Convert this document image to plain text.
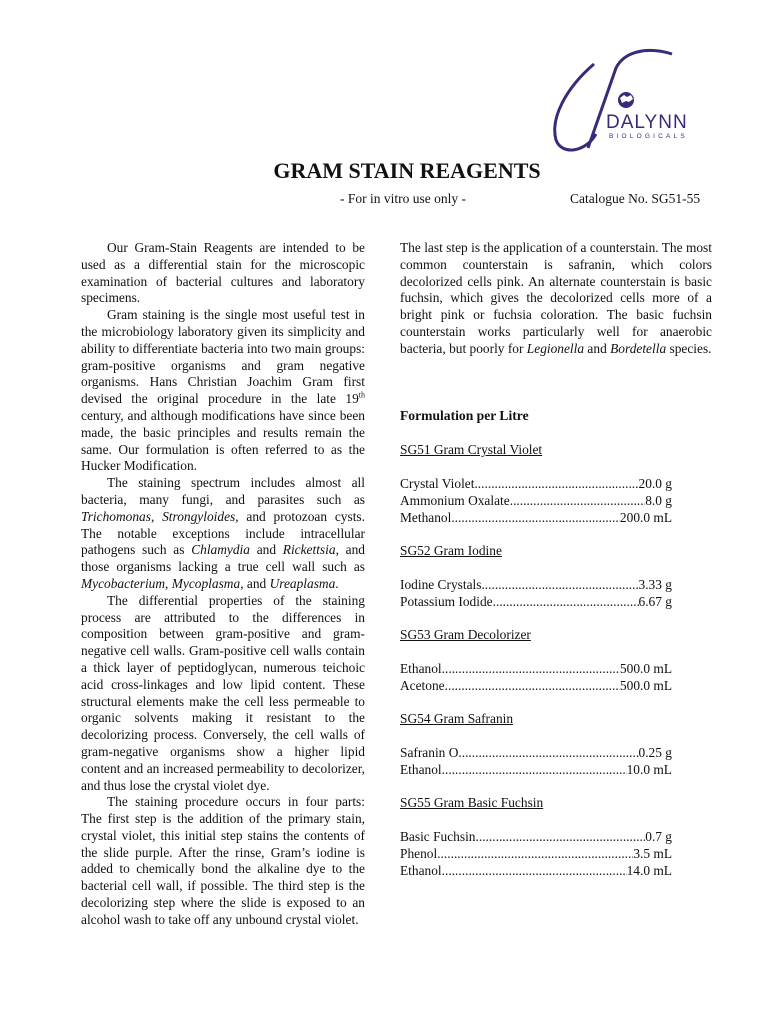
DALYNN
BIOLOGICALS
GRAM STAIN REAGENTS
- For in vitro use only -	Catalogue No. SG51-55

Our Gram-Stain Reagents are intended to be used as a differential stain for the microscopic examination of bacterial cultures and laboratory specimens.

Gram staining is the single most useful test in the microbiology laboratory given its simplicity and ability to differentiate bacteria into two main groups: gram-positive organisms and gram negative organisms. Hans Christian Joachim Gram first devised the original procedure in the late 19th century, and although modifications have since been made, the basic principles and results remain the same. Our formulation is often referred to as the Hucker Modification.

The staining spectrum includes almost all bacteria, many fungi, and parasites such as Trichomonas, Strongyloides, and protozoan cysts. The notable exceptions include intracellular pathogens such as Chlamydia and Rickettsia, and those organisms lacking a true cell wall such as Mycobacterium, Mycoplasma, and Ureaplasma.

The differential properties of the staining process are attributed to the differences in composition between gram-positive and gram-negative cell walls. Gram-positive cell walls contain a thick layer of peptidoglycan, numerous teichoic acid cross-linkages and low lipid content. These structural elements make the cell less permeable to organic solvents making it resistant to the decolorizing process. Conversely, the cell walls of gram-negative organisms show a higher lipid content and an increased permeability to decolorizer, and thus lose the crystal violet dye.

The staining procedure occurs in four parts: The first step is the addition of the primary stain, crystal violet, this initial step stains the contents of the slide purple. After the rinse, Gram’s iodine is added to chemically bond the alkaline dye to the bacterial cell wall, if possible. The third step is the decolorizing step where the slide is exposed to an alcohol wash to take off any unbound crystal violet.

The last step is the application of a counterstain. The most common counterstain is safranin, which colors decolorized cells pink. An alternate counterstain is basic fuchsin, which gives the decolorized cells more of a bright pink or fuchsia coloration. The basic fuchsin counterstain works particularly well for anaerobic bacteria, but poorly for Legionella and Bordetella species.

Formulation per Litre
SG51 Gram Crystal Violet
Crystal Violet .....	20.0 g
Ammonium Oxalate .....	8.0 g
Methanol .....	200.0 mL
SG52 Gram Iodine
Iodine Crystals .....	3.33 g
Potassium Iodide .....	6.67 g
SG53 Gram Decolorizer
Ethanol .....	500.0 mL
Acetone .....	500.0 mL
SG54 Gram Safranin
Safranin O .....	0.25 g
Ethanol .....	10.0 mL
SG55 Gram Basic Fuchsin
Basic Fuchsin .....	0.7 g
Phenol .....	3.5 mL
Ethanol .....	14.0 mL
